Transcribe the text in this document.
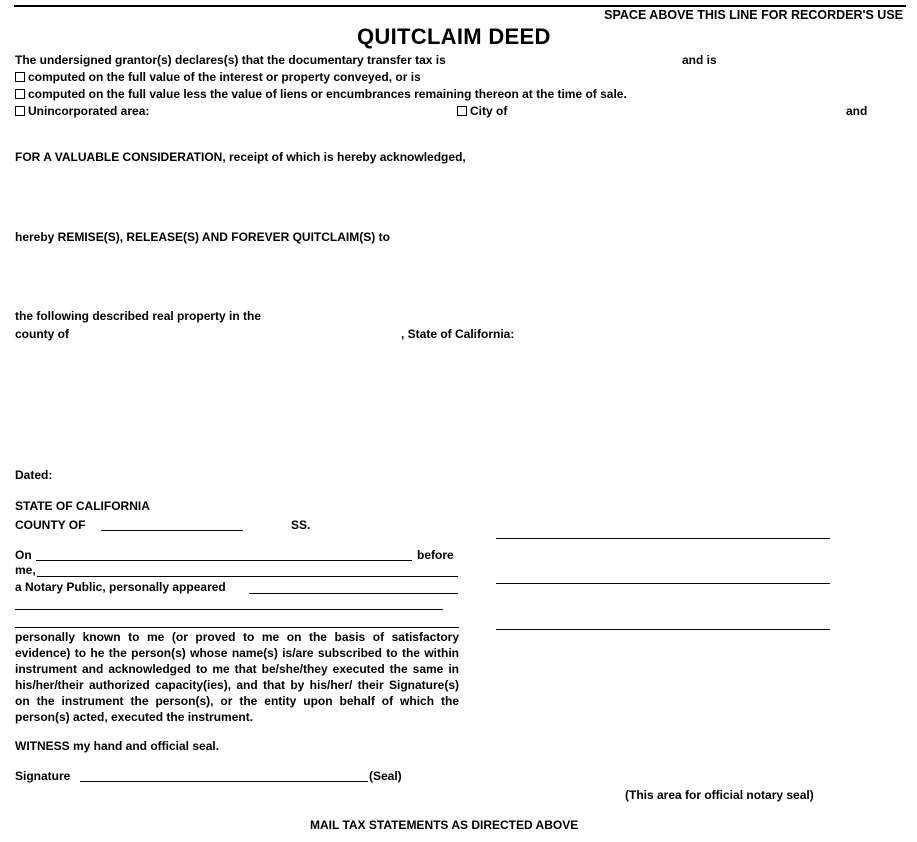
SPACE ABOVE THIS LINE FOR RECORDER'S USE
QUITCLAIM DEED
The undersigned grantor(s) declares(s) that the documentary transfer tax is	and is
computed on the full value of the interest or property conveyed, or is
computed on the full value less the value of liens or encumbrances remaining thereon at the time of sale.
Unincorporated area:	City of	and
FOR A VALUABLE CONSIDERATION, receipt of which is hereby acknowledged,
hereby REMISE(S), RELEASE(S) AND FOREVER QUITCLAIM(S) to
the following described real property in the
county of	, State of California:
Dated:
STATE OF CALIFORNIA
COUNTY OF	SS.
On	before
me,
a Notary Public, personally appeared
personally known to me (or proved to me on the basis of satisfactory evidence) to he the person(s) whose name(s) is/are subscribed to the within instrument and acknowledged to me that be/she/they executed the same in his/her/their authorized capacity(ies), and that by his/her/ their Signature(s) on the instrument the person(s), or the entity upon behalf of which the person(s) acted, executed the instrument.
WITNESS my hand and official seal.
Signature	(Seal)
(This area for official notary seal)
MAIL TAX STATEMENTS AS DIRECTED ABOVE
